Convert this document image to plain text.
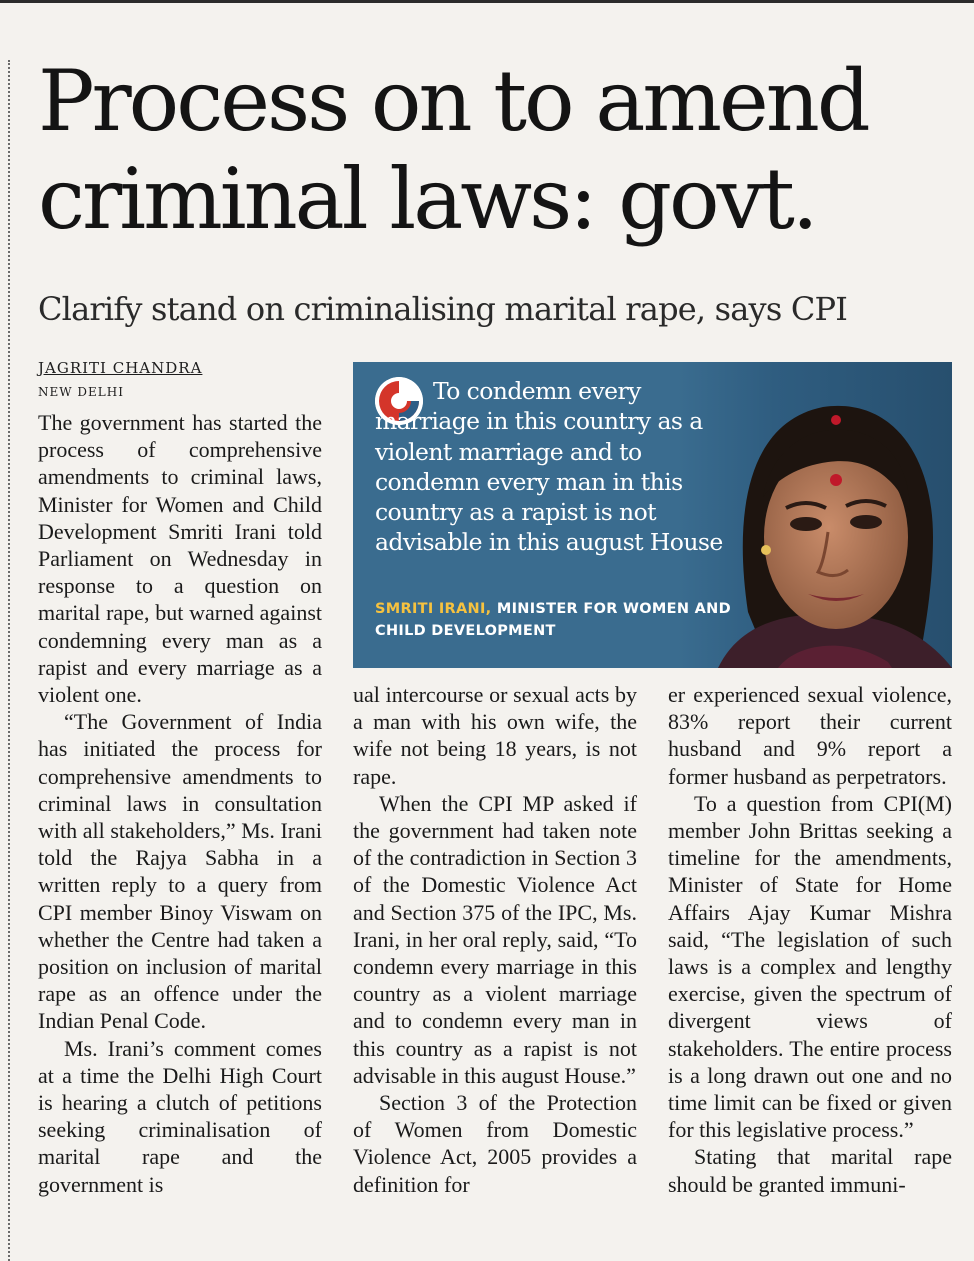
Process on to amend criminal laws: govt.

Clarify stand on criminalising marital rape, says CPI

JAGRITI CHANDRA
NEW DELHI

The government has started the process of comprehensive amendments to criminal laws, Minister for Women and Child Development Smriti Irani told Parliament on Wednesday in response to a question on marital rape, but warned against condemning every man as a rapist and every marriage as a violent one.

“The Government of India has initiated the process for comprehensive amendments to criminal laws in consultation with all stakeholders,” Ms. Irani told the Rajya Sabha in a written reply to a query from CPI member Binoy Viswam on whether the Centre had taken a position on inclusion of marital rape as an offence under the Indian Penal Code.

Ms. Irani’s comment comes at a time the Delhi High Court is hearing a clutch of petitions seeking criminalisation of marital rape and the government is

To condemn every marriage in this country as a violent marriage and to condemn every man in this country as a rapist is not advisable in this august House

SMRITI IRANI, MINISTER FOR WOMEN AND CHILD DEVELOPMENT

ual intercourse or sexual acts by a man with his own wife, the wife not being 18 years, is not rape.

When the CPI MP asked if the government had taken note of the contradiction in Section 3 of the Domestic Violence Act and Section 375 of the IPC, Ms. Irani, in her oral reply, said, “To condemn every marriage in this country as a violent marriage and to condemn every man in this country as a rapist is not advisable in this august House.”

Section 3 of the Protection of Women from Domestic Violence Act, 2005 provides a definition for

er experienced sexual violence, 83% report their current husband and 9% report a former husband as perpetrators.

To a question from CPI(M) member John Brittas seeking a timeline for the amendments, Minister of State for Home Affairs Ajay Kumar Mishra said, “The legislation of such laws is a complex and lengthy exercise, given the spectrum of divergent views of stakeholders. The entire process is a long drawn out one and no time limit can be fixed or given for this legislative process.”

Stating that marital rape should be granted immuni-
